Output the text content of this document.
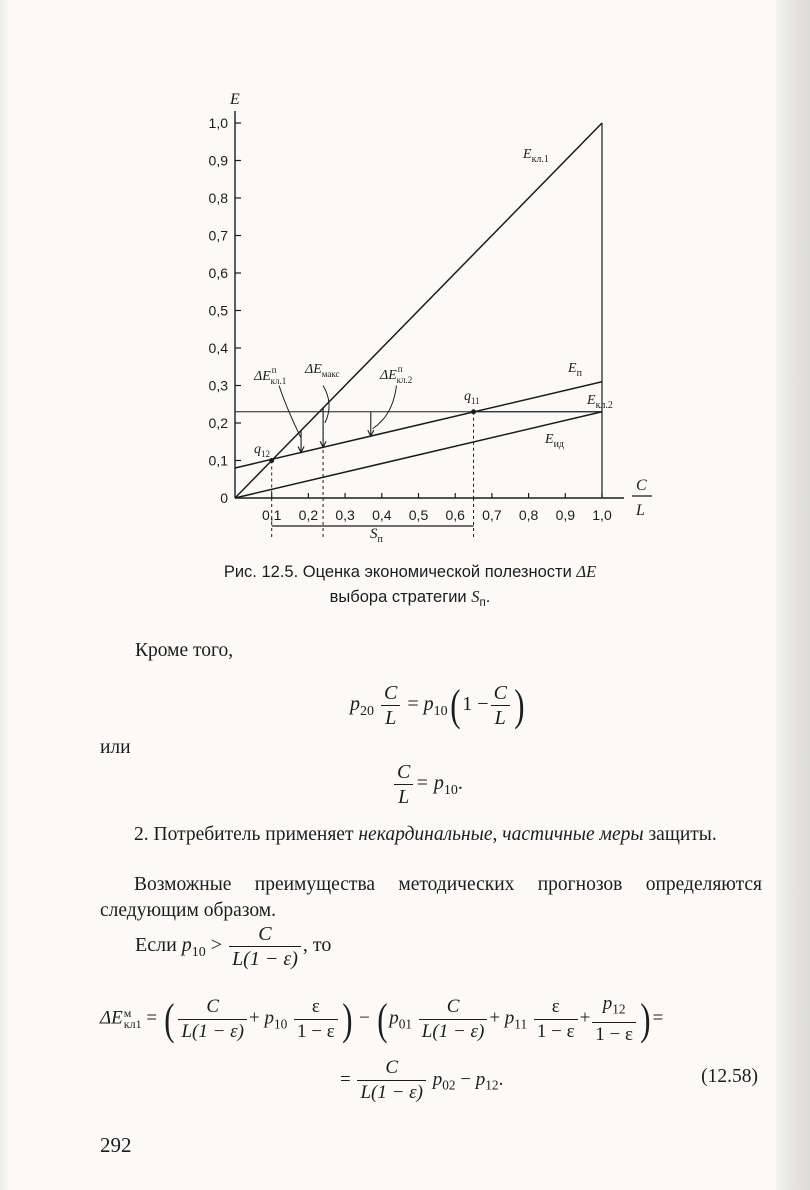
0
0,1
0,2
0,3
0,4
0,5
0,6
0,7
0,8
0,9
1,0
0,1 0,2 0,3 0,4 0,5 0,6 0,7 0,8 0,9 1,0
E
C
L
$E_{кл.1}$
$E_п$
$E_{кл.2}$
$E_{ид}$
$\Delta E^п$ кл.1
$\Delta E_{макс}$	$\Delta E^п$ кл.2
$q_{11}$
$q_{12}$
$S_п$
Рис. 12.5. Оценка экономической полезности ΔE
выбора стратегии $S_п$.
Кроме того,
$p_{20} \frac{C}{L} = p_{10}$( $1 - \frac{C}{L}$ )
или
$\frac{C}{L} = p_{10}$.
2. Потребитель применяет некардинальные, частичные меры защиты.
Возможные преимущества методических прогнозов определяются следующим образом.
Если $p_{10} > \frac{C}{L(1 - \varepsilon)}$ , то
ΔE м
кл1 = ( $\frac{C}{L(1 - \varepsilon)} + p_{10} \frac{\varepsilon}{1 - \varepsilon}$ ) − ( $p_{01} \frac{C}{L(1 - \varepsilon)} + p_{11} \frac{\varepsilon}{1 - \varepsilon} + \frac{p_{12}}{1 - \varepsilon}$ ) =
= $\frac{C}{L(1 - \varepsilon)} p_{02} - p_{12}$.	(12.58)
292
